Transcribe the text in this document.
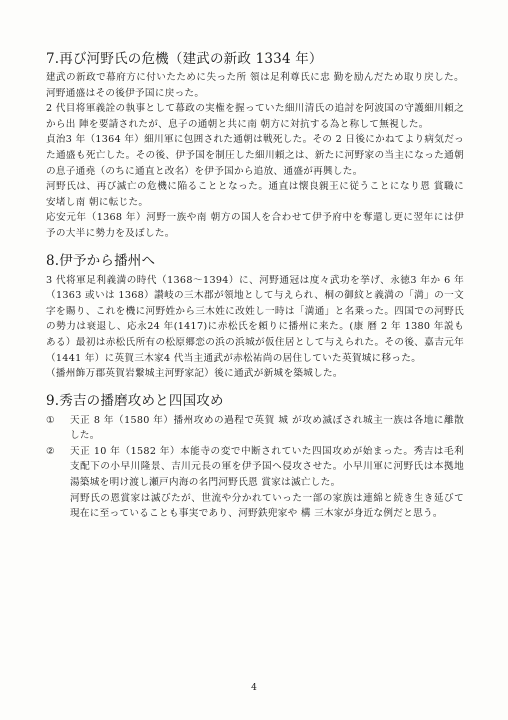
7.再び河野氏の危機（建武の新政 1334 年）

建武の新政で幕府方に付いたために失った所 領は足利尊氏に忠 勤を励んだため取り戻した。河野通盛はその後伊予国に戻った。

2 代目将軍義詮の執事として幕政の実権を握っていた細川清氏の追討を阿波国の守護細川頼之から出 陣を要請されたが、息子の通朝と共に南 朝方に対抗する為と称して無視した。

貞治3 年（1364 年）細川軍に包囲された通朝は戦死した。その 2 日後にかねてより病気だった通盛も死亡した。その後、伊予国を制圧した細川頼之は、新たに河野家の当主になった通朝の息子通堯（のちに通直と改名）を伊予国から追放、通盛が再興した。

河野氏は、再び滅亡の危機に陥ることとなった。通直は懐良親王に従うことになり恩 賞職に安堵し南 朝に転じた。

応安元年（1368 年）河野一族や南 朝方の国人を合わせて伊予府中を奪還し更に翌年には伊予の大半に勢力を及ぼした。

8.伊予から播州へ

3 代将軍足利義満の時代（1368～1394）に、河野通冠は度々武功を挙げ、永徳3 年か 6 年（1363 或いは 1368）讃岐の三木郡が領地として与えられ、桐の御紋と義満の「満」の一文字を賜り、これを機に河野姓から三木姓に改姓し一時は「満通」と名乗った。四国での河野氏の勢力は衰退し、応永24 年(1417)に赤松氏を頼りに播州に来た。(康 暦 2 年 1380 年説もある）最初は赤松氏所有の松原郷恋の浜の浜城が仮住居として与えられた。その後、嘉吉元年（1441 年）に英賀三木家4 代当主通武が赤松祐尚の居住していた英賀城に移った。

（播州飾万郡英賀岩繋城主河野家記）後に通武が新城を築城した。

9.秀吉の播磨攻めと四国攻め
① 天正 8 年（1580 年）播州攻めの過程で英賀 城 が攻め滅ぼされ城主一族は各地に離散した。

② 天正 10 年（1582 年）本能寺の変で中断されていた四国攻めが始まった。秀吉は毛利支配下の小早川隆景、吉川元長の軍を伊予国へ侵攻させた。小早川軍に河野氏は本拠地湯築城を明け渡し瀬戸内海の名門河野氏恩 賞家は滅亡した。

河野氏の恩賞家は滅びたが、世流や分かれていった一部の家族は連綿と続き生き延びて現在に至っていることも事実であり、河野鉄兜家や 構 三木家が身近な例だと思う。

4
